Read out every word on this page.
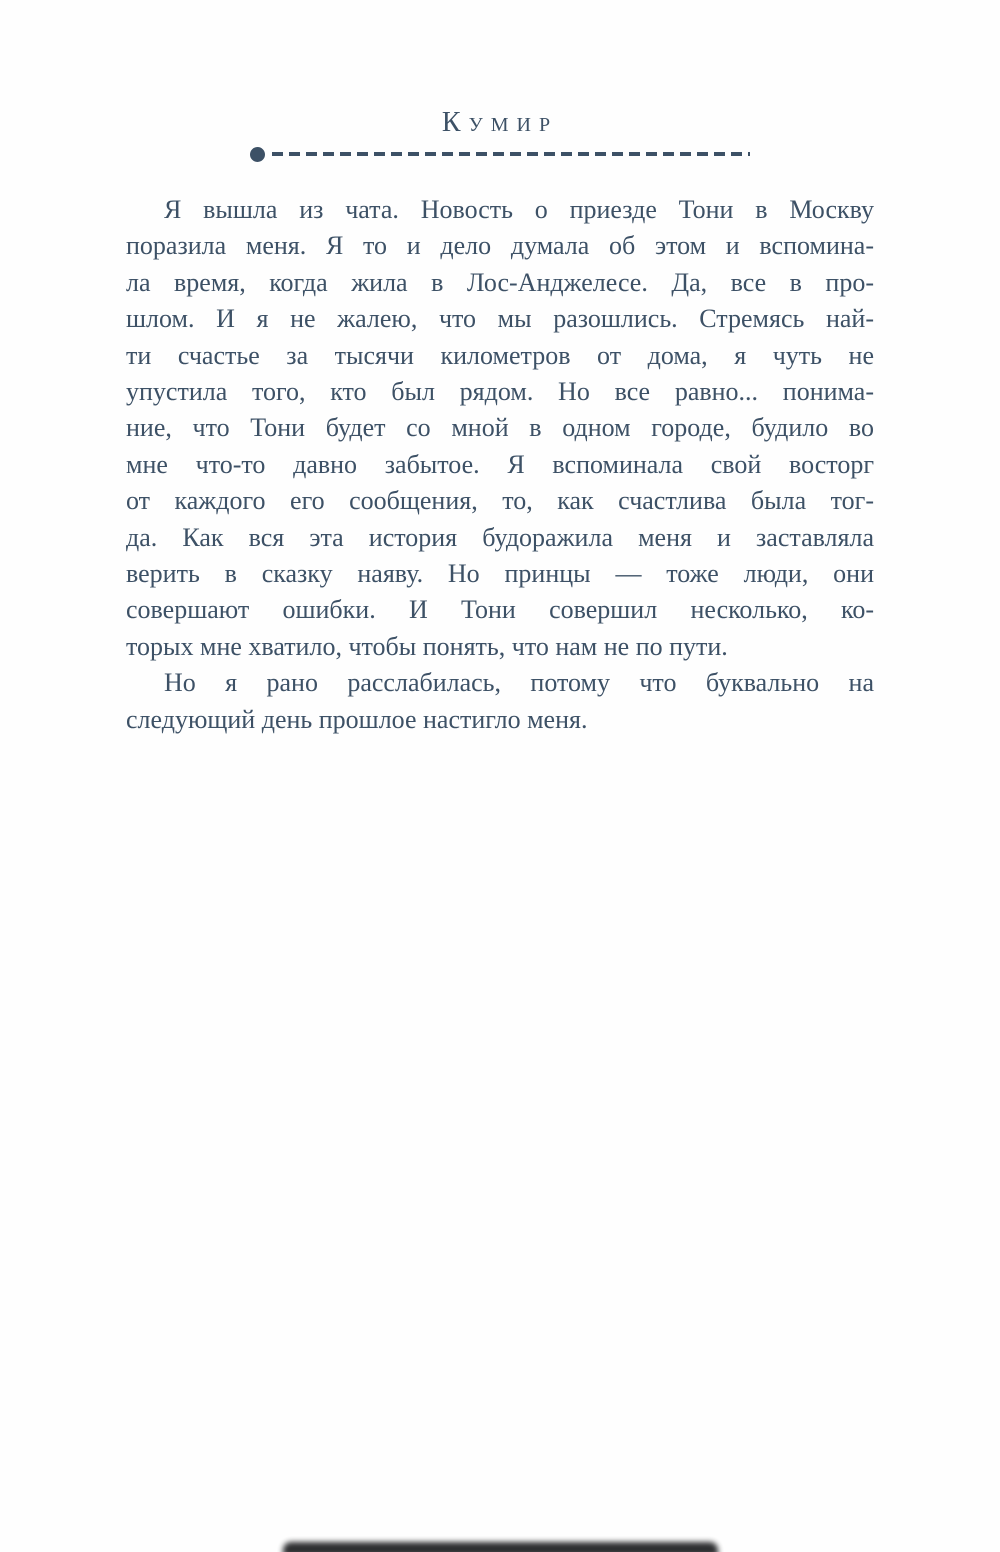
Кумир
Я вышла из чата. Новость о приезде Тони в Москву
поразила меня. Я то и дело думала об этом и вспомина-
ла время, когда жила в Лос-Анджелесе. Да, все в про-
шлом. И я не жалею, что мы разошлись. Стремясь най-
ти счастье за тысячи километров от дома, я чуть не
упустила того, кто был рядом. Но все равно... понима-
ние, что Тони будет со мной в одном городе, будило во
мне что-то давно забытое. Я вспоминала свой восторг
от каждого его сообщения, то, как счастлива была тог-
да. Как вся эта история будоражила меня и заставляла
верить в сказку наяву. Но принцы — тоже люди, они
совершают ошибки. И Тони совершил несколько, ко-
торых мне хватило, чтобы понять, что нам не по пути.
Но я рано расслабилась, потому что буквально на
следующий день прошлое настигло меня.
